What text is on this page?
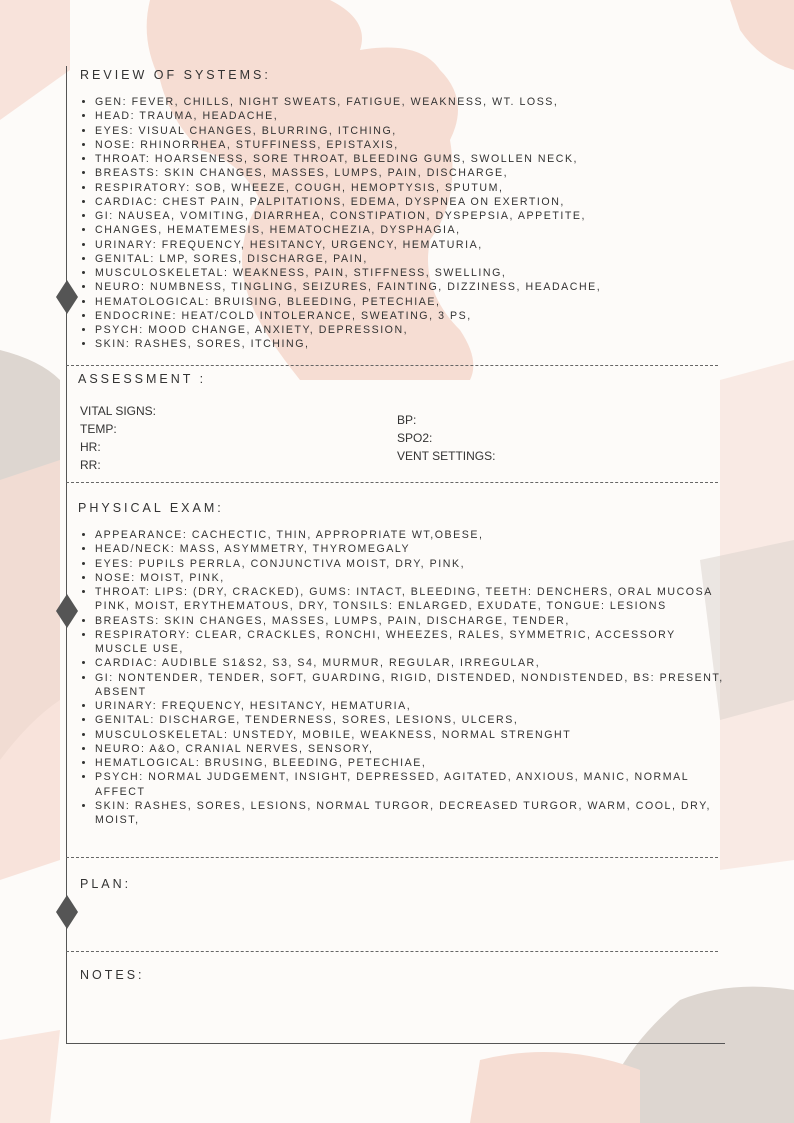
REVIEW OF SYSTEMS:
• GEN: FEVER, CHILLS, NIGHT SWEATS, FATIGUE, WEAKNESS, WT. LOSS,
• HEAD: TRAUMA, HEADACHE,
• EYES: VISUAL CHANGES, BLURRING, ITCHING,
• NOSE: RHINORRHEA, STUFFINESS, EPISTAXIS,
• THROAT: HOARSENESS, SORE THROAT, BLEEDING GUMS, SWOLLEN NECK,
• BREASTS: SKIN CHANGES, MASSES, LUMPS, PAIN, DISCHARGE,
• RESPIRATORY: SOB, WHEEZE, COUGH, HEMOPTYSIS, SPUTUM,
• CARDIAC: CHEST PAIN, PALPITATIONS, EDEMA, DYSPNEA ON EXERTION,
• GI: NAUSEA, VOMITING, DIARRHEA, CONSTIPATION, DYSPEPSIA, APPETITE,
• CHANGES, HEMATEMESIS, HEMATOCHEZIA, DYSPHAGIA,
• URINARY: FREQUENCY, HESITANCY, URGENCY, HEMATURIA,
• GENITAL: LMP, SORES, DISCHARGE, PAIN,
• MUSCULOSKELETAL: WEAKNESS, PAIN, STIFFNESS, SWELLING,
• NEURO: NUMBNESS, TINGLING, SEIZURES, FAINTING, DIZZINESS, HEADACHE,
• HEMATOLOGICAL: BRUISING, BLEEDING, PETECHIAE,
• ENDOCRINE: HEAT/COLD INTOLERANCE, SWEATING, 3 PS,
• PSYCH: MOOD CHANGE, ANXIETY, DEPRESSION,
• SKIN: RASHES, SORES, ITCHING,
ASSESSMENT :
VITAL SIGNS:
TEMP:
HR:
RR:
BP:
SPO2:
VENT SETTINGS:
PHYSICAL EXAM:
• APPEARANCE: CACHECTIC, THIN, APPROPRIATE WT,OBESE,
• HEAD/NECK: MASS, ASYMMETRY, THYROMEGALY
• EYES: PUPILS PERRLA, CONJUNCTIVA MOIST, DRY, PINK,
• NOSE: MOIST, PINK,
• THROAT: LIPS: (DRY, CRACKED), GUMS: INTACT, BLEEDING, TEETH: DENCHERS, ORAL MUCOSA PINK, MOIST, ERYTHEMATOUS, DRY, TONSILS: ENLARGED, EXUDATE, TONGUE: LESIONS
• BREASTS: SKIN CHANGES, MASSES, LUMPS, PAIN, DISCHARGE, TENDER,
• RESPIRATORY: CLEAR, CRACKLES, RONCHI, WHEEZES, RALES, SYMMETRIC, ACCESSORY MUSCLE USE,
• CARDIAC: AUDIBLE S1&S2, S3, S4, MURMUR, REGULAR, IRREGULAR,
• GI: NONTENDER, TENDER, SOFT, GUARDING, RIGID, DISTENDED, NONDISTENDED, BS: PRESENT, ABSENT
• URINARY: FREQUENCY, HESITANCY, HEMATURIA,
• GENITAL: DISCHARGE, TENDERNESS, SORES, LESIONS, ULCERS,
• MUSCULOSKELETAL: UNSTEDY, MOBILE, WEAKNESS, NORMAL STRENGHT
• NEURO: A&O, CRANIAL NERVES, SENSORY,
• HEMATLOGICAL: BRUSING, BLEEDING, PETECHIAE,
• PSYCH: NORMAL JUDGEMENT, INSIGHT, DEPRESSED, AGITATED, ANXIOUS, MANIC, NORMAL AFFECT
• SKIN: RASHES, SORES, LESIONS, NORMAL TURGOR, DECREASED TURGOR, WARM, COOL, DRY, MOIST,
PLAN:
NOTES:
